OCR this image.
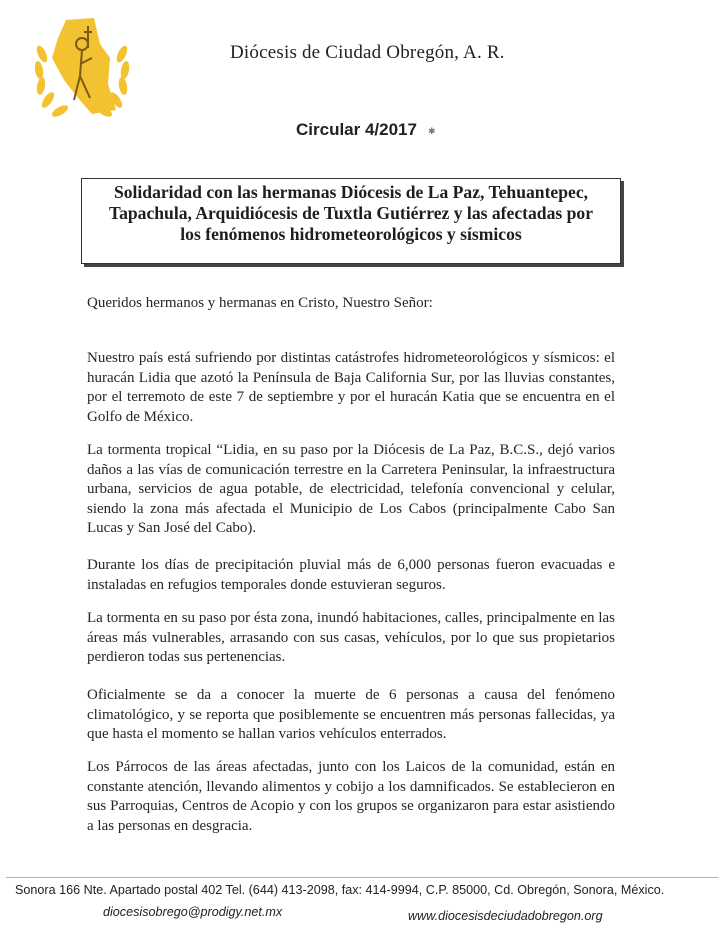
Diócesis de Ciudad Obregón, A. R.
Circular 4/2017 ✱
Solidaridad con las hermanas Diócesis de La Paz, Tehuantepec,
Tapachula, Arquidiócesis de Tuxtla Gutiérrez y las afectadas por
los fenómenos hidrometeorológicos y sísmicos
Queridos hermanos y hermanas en Cristo, Nuestro Señor:
Nuestro país está sufriendo por distintas catástrofes hidrometeorológicos y sísmicos: el huracán Lidia que azotó la Península de Baja California Sur, por las lluvias constantes, por el terremoto de este 7 de septiembre y por el huracán Katia que se encuentra en el Golfo de México.
La tormenta tropical “Lidia, en su paso por la Diócesis de La Paz, B.C.S., dejó varios daños a las vías de comunicación terrestre en la Carretera Peninsular, la infraestructura urbana, servicios de agua potable, de electricidad, telefonía convencional y celular, siendo la zona más afectada el Municipio de Los Cabos (principalmente Cabo San Lucas y San José del Cabo).
Durante los días de precipitación pluvial más de 6,000 personas fueron evacuadas e instaladas en refugios temporales donde estuvieran seguros.
La tormenta en su paso por ésta zona, inundó habitaciones, calles, principalmente en las áreas más vulnerables, arrasando con sus casas, vehículos, por lo que sus propietarios perdieron todas sus pertenencias.
Oficialmente se da a conocer la muerte de 6 personas a causa del fenómeno climatológico, y se reporta que posiblemente se encuentren más personas fallecidas, ya que hasta el momento se hallan varios vehículos enterrados.
Los Párrocos de las áreas afectadas, junto con los Laicos de la comunidad, están en constante atención, llevando alimentos y cobijo a los damnificados. Se establecieron en sus Parroquias, Centros de Acopio y con los grupos se organizaron para estar asistiendo a las personas en desgracia.
Sonora 166 Nte. Apartado postal 402 Tel. (644) 413-2098, fax: 414-9994, C.P. 85000, Cd. Obregón, Sonora, México.
diocesisobrego@prodigy.net.mx	www.diocesisdeciudadobregon.org
